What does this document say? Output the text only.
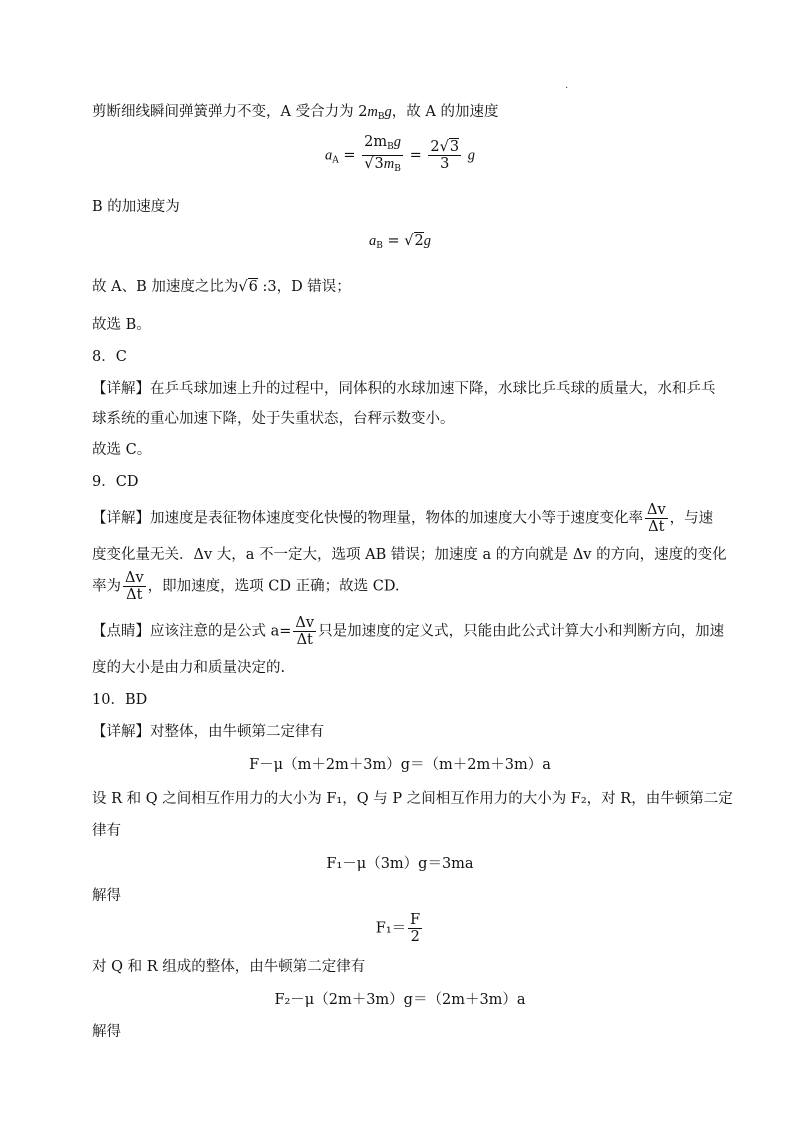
.
剪断细线瞬间弹簧弹力不变，A 受合力为 $2m_Bg$，故 A 的加速度
$a_A = \frac{2m_Bg}{√3m_B} = \frac{2√3}{3}$ g
B 的加速度为
$a_B = √2g$
故 A、B 加速度之比为√6 :3，D 错误；
故选 B。
8．C
【详解】在乒乓球加速上升的过程中，同体积的水球加速下降，水球比乒乓球的质量大，水和乒乓
球系统的重心加速下降，处于失重状态，台秤示数变小。
故选 C。
9．CD
【详解】加速度是表征物体速度变化快慢的物理量，物体的加速度大小等于速度变化率 $\frac{\Delta v}{\Delta t}$ ，与速
度变化量无关．Δv 大，a 不一定大，选项 AB 错误；加速度 a 的方向就是 Δv 的方向，速度的变化
率为 $\frac{\Delta v}{\Delta t}$ ，即加速度，选项 CD 正确；故选 CD.
【点睛】应该注意的是公式 $a= \frac{\Delta v}{\Delta t}$ 只是加速度的定义式，只能由此公式计算大小和判断方向，加速
度的大小是由力和质量决定的.
10．BD
【详解】对整体，由牛顿第二定律有
F－μ（m＋2m＋3m）g＝（m＋2m＋3m）a
设 R 和 Q 之间相互作用力的大小为 F₁，Q 与 P 之间相互作用力的大小为 F₂，对 R，由牛顿第二定
律有
F₁－μ（3m）g＝3ma
解得
$F_1= \frac{F}{2}$
对 Q 和 R 组成的整体，由牛顿第二定律有
F₂－μ（2m＋3m）g＝（2m＋3m）a
解得
